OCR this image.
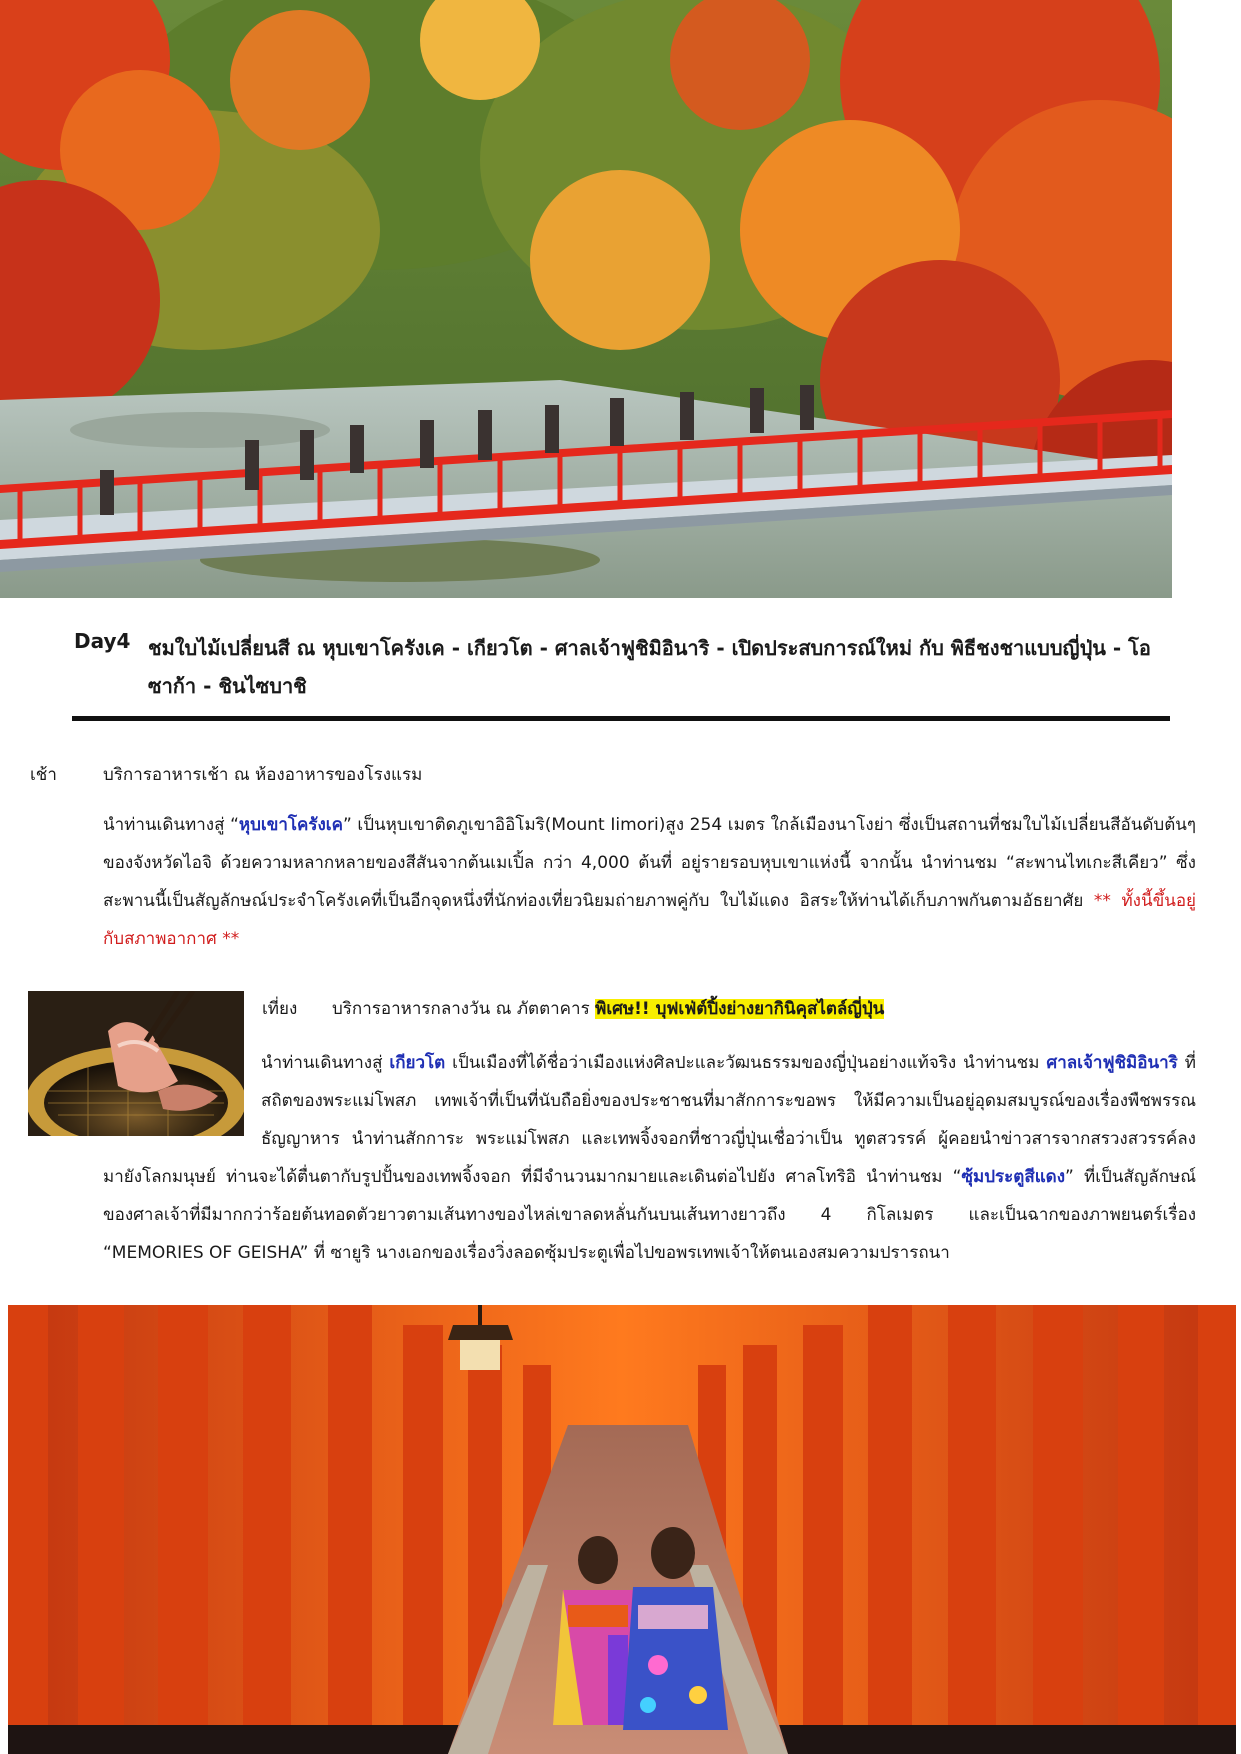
Day4 ชมใบไม้เปลี่ยนสี ณ หุบเขาโครังเค - เกียวโต - ศาลเจ้าฟูชิมิอินาริ - เปิดประสบการณ์ใหม่ กับ พิธีชงชาแบบญี่ปุ่น - โอซาก้า - ชินไซบาชิ
เช้า	บริการอาหารเช้า ณ ห้องอาหารของโรงแรม
นำท่านเดินทางสู่ “หุบเขาโครังเค” เป็นหุบเขาติดภูเขาอิอิโมริ(Mount Iimori)สูง 254 เมตร ใกล้เมืองนาโงย่า ซึ่งเป็นสถานที่ชมใบไม้เปลี่ยนสีอันดับต้นๆของจังหวัดไอจิ ด้วยความหลากหลายของสีสันจากต้นเมเปิ้ล กว่า 4,000 ต้นที่ อยู่รายรอบหุบเขาแห่งนี้ จากนั้น นำท่านชม “สะพานไทเกะสีเคียว” ซึ่งสะพานนี้เป็นสัญลักษณ์ประจำโครังเคที่เป็นอีกจุดหนึ่งที่นักท่องเที่ยวนิยมถ่ายภาพคู่กับ ใบไม้แดง อิสระให้ท่านได้เก็บภาพกันตามอัธยาศัย ** ทั้งนี้ขึ้นอยู่กับสภาพอากาศ **
เที่ยง บริการอาหารกลางวัน ณ ภัตตาคาร พิเศษ!! บุฟเฟ่ต์ปิ้งย่างยากินิคุสไตล์ญี่ปุ่น
นำท่านเดินทางสู่ เกียวโต เป็นเมืองที่ได้ชื่อว่าเมืองแห่งศิลปะและวัฒนธรรมของญี่ปุ่นอย่างแท้จริง นำท่านชม ศาลเจ้าฟูชิมิอินาริ ที่สถิตของพระแม่โพสภ เทพเจ้าที่เป็นที่นับถือยิ่งของประชาชนที่มาสักการะขอพร ให้มีความเป็นอยู่อุดมสมบูรณ์ของเรื่องพืชพรรณธัญญาหาร นำท่านสักการะ พระแม่โพสภ และเทพจิ้งจอกที่ชาวญี่ปุ่นเชื่อว่าเป็น ทูตสวรรค์ ผู้คอยนำข่าวสารจากสรวงสวรรค์ลงมายังโลกมนุษย์ ท่านจะได้ตื่นตากับรูปปั้นของเทพจิ้งจอก ที่มีจำนวนมากมายและเดินต่อไปยัง ศาลโทริอิ นำท่านชม “ซุ้มประตูสีแดง” ที่เป็นสัญลักษณ์ของศาลเจ้าที่มีมากกว่าร้อยต้นทอดตัวยาวตามเส้นทางของไหล่เขาลดหลั่นกันบนเส้นทางยาวถึง 4 กิโลเมตร และเป็นฉากของภาพยนตร์เรื่อง “MEMORIES OF GEISHA” ที่ ซายูริ นางเอกของเรื่องวิ่งลอดซุ้มประตูเพื่อไปขอพรเทพเจ้าให้ตนเองสมความปรารถนา
